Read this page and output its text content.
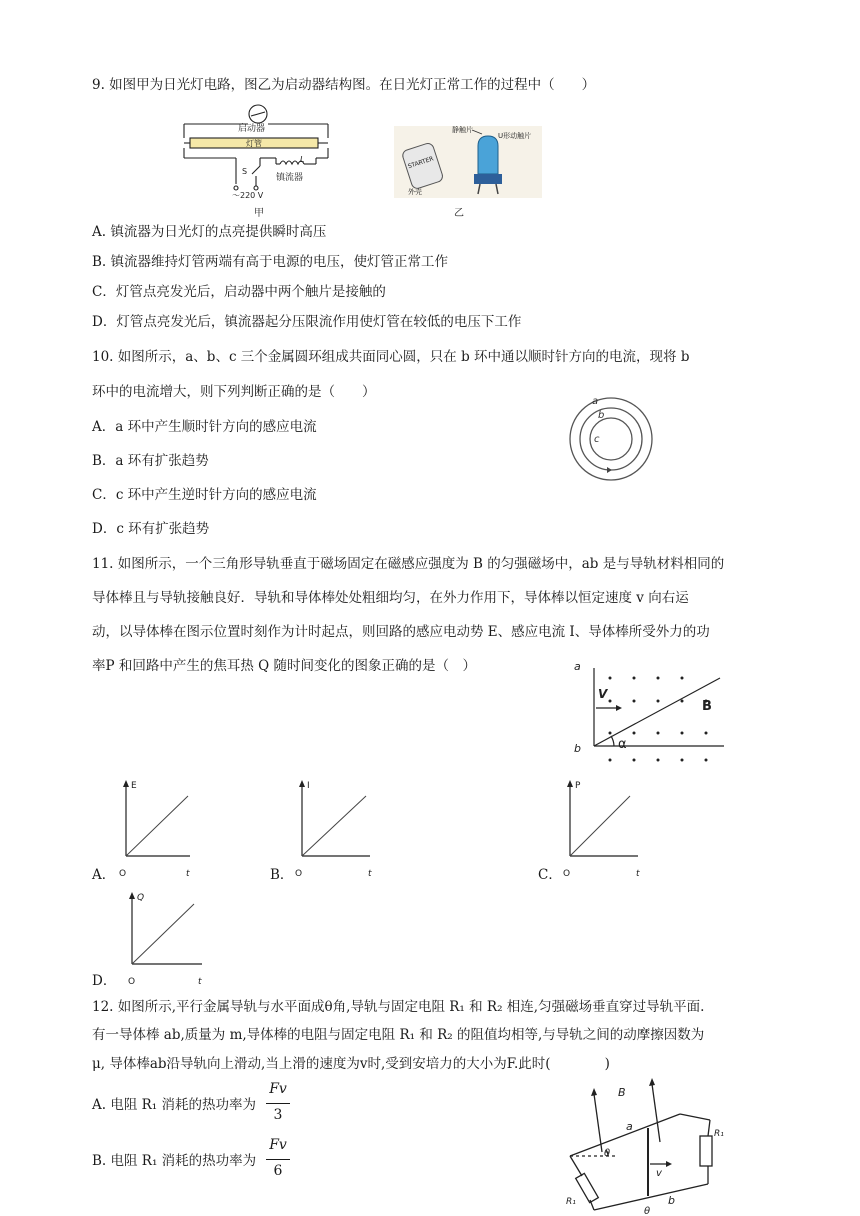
9. 如图甲为日光灯电路，图乙为启动器结构图。在日光灯正常工作的过程中（　　）
启动器
灯管
L
S
镇流器
～220 V
甲
STARTER
静触片
U形动触片
外壳
乙
A. 镇流器为日光灯的点亮提供瞬时高压
B. 镇流器维持灯管两端有高于电源的电压，使灯管正常工作
C．灯管点亮发光后，启动器中两个触片是接触的
D．灯管点亮发光后，镇流器起分压限流作用使灯管在较低的电压下工作
10. 如图所示，a、b、c 三个金属圆环组成共面同心圆，只在 b 环中通以顺时针方向的电流，现将 b
环中的电流增大，则下列判断正确的是（　　）
a
b
c
A．a 环中产生顺时针方向的感应电流
B．a 环有扩张趋势
C．c 环中产生逆时针方向的感应电流
D．c 环有扩张趋势
11. 如图所示，一个三角形导轨垂直于磁场固定在磁感应强度为 B 的匀强磁场中，ab 是与导轨材料相同的
导体棒且与导轨接触良好．导轨和导体棒处处粗细均匀，在外力作用下，导体棒以恒定速度 v 向右运
动，以导体棒在图示位置时刻作为计时起点，则回路的感应电动势 E、感应电流 I、导体棒所受外力的功
率P 和回路中产生的焦耳热 Q 随时间变化的图象正确的是（　）	a
b
V
B
α
A．
E
O	t	B．
I
O	t	C．
P
O	t
D．
Q
O	t
12. 如图所示,平行金属导轨与水平面成θ角,导轨与固定电阻 R₁ 和 R₂ 相连,匀强磁场垂直穿过导轨平面.
有一导体棒 ab,质量为 m,导体棒的电阻与固定电阻 R₁ 和 R₂ 的阻值均相等,与导轨之间的动摩擦因数为
μ, 导体棒ab沿导轨向上滑动,当上滑的速度为v时,受到安培力的大小为F.此时(　　　　)
A. 电阻 R₁ 消耗的热功率为
Fv
3
B. 电阻 R₁ 消耗的热功率为
Fv
6
B
a
b
v
θ
θ
R₁
R₁
